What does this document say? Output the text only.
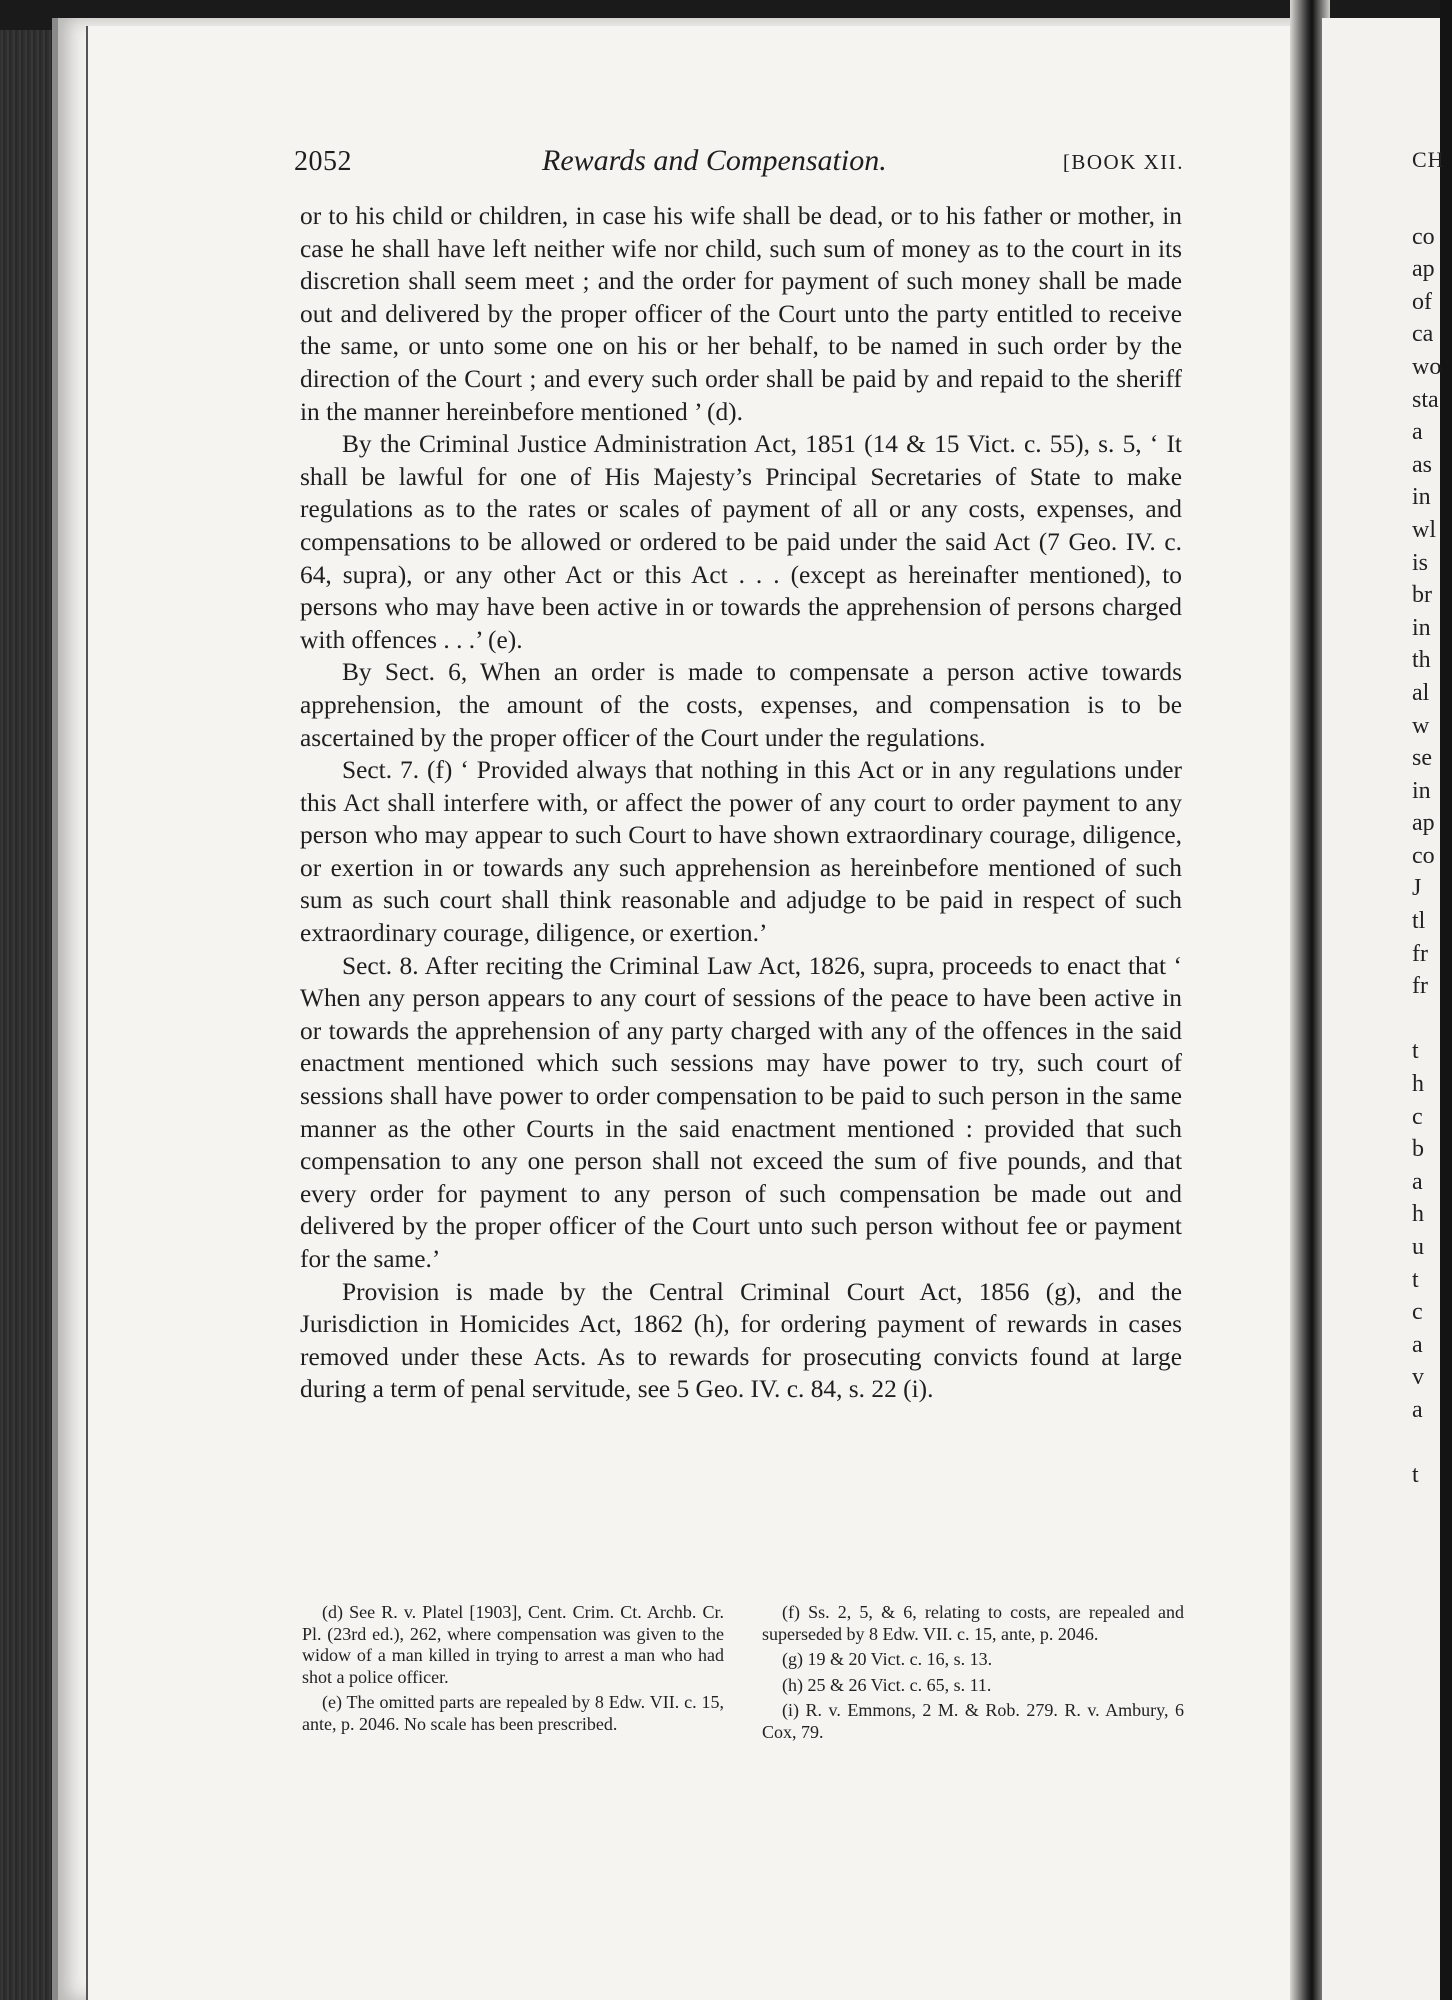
2052	Rewards and Compensation.	[BOOK XII.

or to his child or children, in case his wife shall be dead, or to his father or mother, in case he shall have left neither wife nor child, such sum of money as to the court in its discretion shall seem meet ; and the order for payment of such money shall be made out and delivered by the proper officer of the Court unto the party entitled to receive the same, or unto some one on his or her behalf, to be named in such order by the direction of the Court ; and every such order shall be paid by and repaid to the sheriff in the manner hereinbefore mentioned ’ (d).

By the Criminal Justice Administration Act, 1851 (14 & 15 Vict. c. 55), s. 5, ‘ It shall be lawful for one of His Majesty’s Principal Secretaries of State to make regulations as to the rates or scales of payment of all or any costs, expenses, and compensations to be allowed or ordered to be paid under the said Act (7 Geo. IV. c. 64, supra), or any other Act or this Act . . . (except as hereinafter mentioned), to persons who may have been active in or towards the apprehension of persons charged with offences . . .’ (e).

By Sect. 6, When an order is made to compensate a person active towards apprehension, the amount of the costs, expenses, and compensation is to be ascertained by the proper officer of the Court under the regulations.

Sect. 7. (f) ‘ Provided always that nothing in this Act or in any regulations under this Act shall interfere with, or affect the power of any court to order payment to any person who may appear to such Court to have shown extraordinary courage, diligence, or exertion in or towards any such apprehension as hereinbefore mentioned of such sum as such court shall think reasonable and adjudge to be paid in respect of such extraordinary courage, diligence, or exertion.’

Sect. 8. After reciting the Criminal Law Act, 1826, supra, proceeds to enact that ‘ When any person appears to any court of sessions of the peace to have been active in or towards the apprehension of any party charged with any of the offences in the said enactment mentioned which such sessions may have power to try, such court of sessions shall have power to order compensation to be paid to such person in the same manner as the other Courts in the said enactment mentioned : provided that such compensation to any one person shall not exceed the sum of five pounds, and that every order for payment to any person of such compensation be made out and delivered by the proper officer of the Court unto such person without fee or payment for the same.’

Provision is made by the Central Criminal Court Act, 1856 (g), and the Jurisdiction in Homicides Act, 1862 (h), for ordering payment of rewards in cases removed under these Acts. As to rewards for prosecuting convicts found at large during a term of penal servitude, see 5 Geo. IV. c. 84, s. 22 (i).

(d) See R. v. Platel [1903], Cent. Crim. Ct. Archb. Cr. Pl. (23rd ed.), 262, where compensation was given to the widow of a man killed in trying to arrest a man who had shot a police officer.

(e) The omitted parts are repealed by 8 Edw. VII. c. 15, ante, p. 2046. No scale has been prescribed.

(f) Ss. 2, 5, & 6, relating to costs, are repealed and superseded by 8 Edw. VII. c. 15, ante, p. 2046.

(g) 19 & 20 Vict. c. 16, s. 13.

(h) 25 & 26 Vict. c. 65, s. 11.

(i) R. v. Emmons, 2 M. & Rob. 279. R. v. Ambury, 6 Cox, 79.

CH
co
ap
of
ca
wo
sta
a
as
in
wl
is
br
in
th
al
w
se
in
ap
co
J
tl
fr
fr
t
h
c
b
a
h
u
t
c
a
v
a
t
